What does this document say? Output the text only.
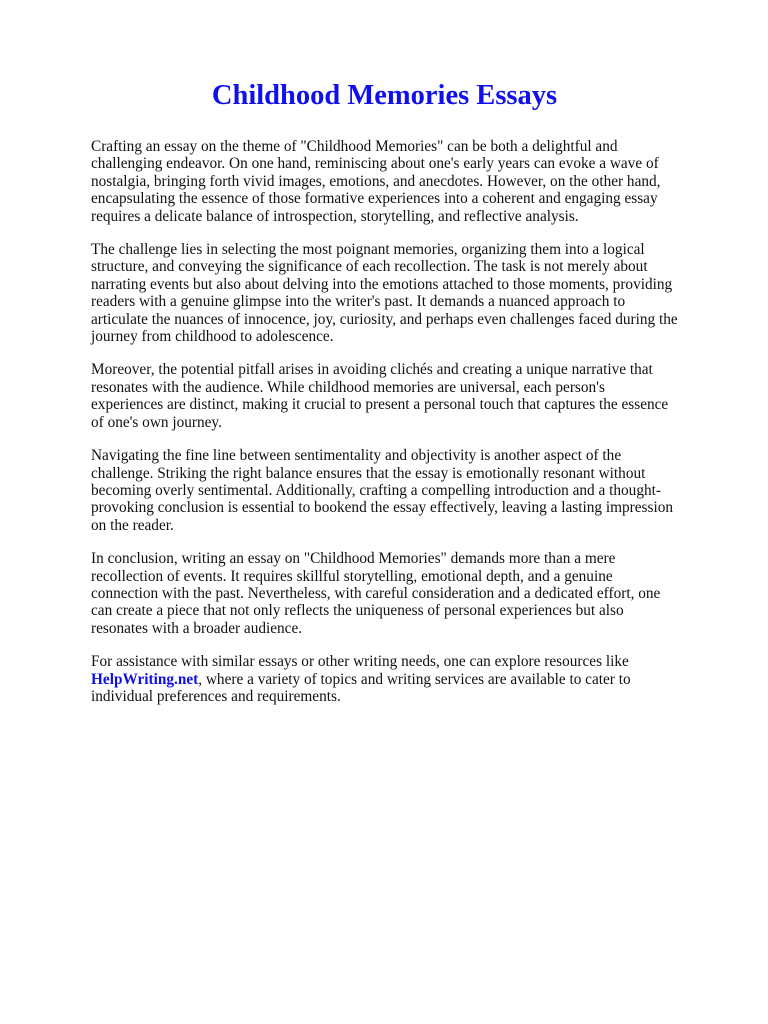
Childhood Memories Essays

Crafting an essay on the theme of "Childhood Memories" can be both a delightful and challenging endeavor. On one hand, reminiscing about one's early years can evoke a wave of nostalgia, bringing forth vivid images, emotions, and anecdotes. However, on the other hand, encapsulating the essence of those formative experiences into a coherent and engaging essay requires a delicate balance of introspection, storytelling, and reflective analysis.

The challenge lies in selecting the most poignant memories, organizing them into a logical structure, and conveying the significance of each recollection. The task is not merely about narrating events but also about delving into the emotions attached to those moments, providing readers with a genuine glimpse into the writer's past. It demands a nuanced approach to articulate the nuances of innocence, joy, curiosity, and perhaps even challenges faced during the journey from childhood to adolescence.

Moreover, the potential pitfall arises in avoiding clichés and creating a unique narrative that resonates with the audience. While childhood memories are universal, each person's experiences are distinct, making it crucial to present a personal touch that captures the essence of one's own journey.

Navigating the fine line between sentimentality and objectivity is another aspect of the challenge. Striking the right balance ensures that the essay is emotionally resonant without becoming overly sentimental. Additionally, crafting a compelling introduction and a thought-provoking conclusion is essential to bookend the essay effectively, leaving a lasting impression on the reader.

In conclusion, writing an essay on "Childhood Memories" demands more than a mere recollection of events. It requires skillful storytelling, emotional depth, and a genuine connection with the past. Nevertheless, with careful consideration and a dedicated effort, one can create a piece that not only reflects the uniqueness of personal experiences but also resonates with a broader audience.

For assistance with similar essays or other writing needs, one can explore resources like HelpWriting.net, where a variety of topics and writing services are available to cater to individual preferences and requirements.
